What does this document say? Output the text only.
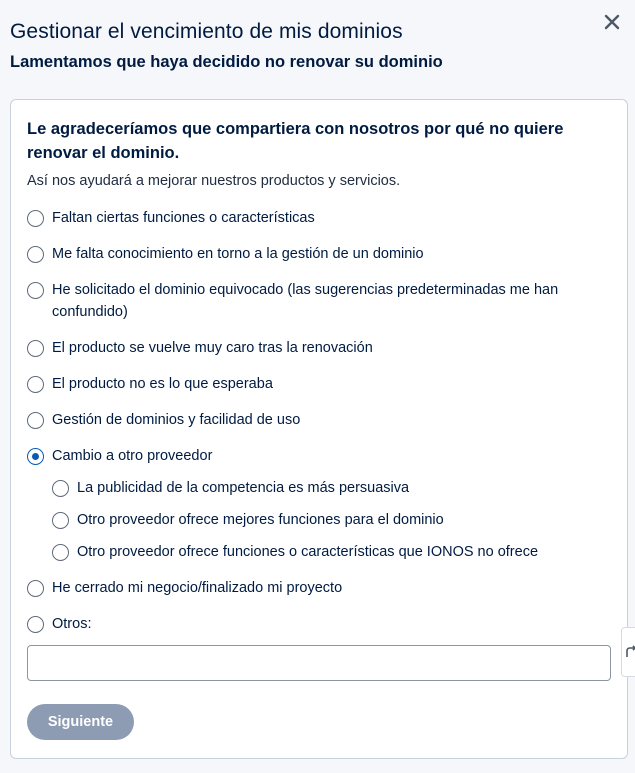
Gestionar el vencimiento de mis dominios
Lamentamos que haya decidido no renovar su dominio
Le agradeceríamos que compartiera con nosotros por qué no quiere renovar el dominio.
Así nos ayudará a mejorar nuestros productos y servicios.
Faltan ciertas funciones o características
Me falta conocimiento en torno a la gestión de un dominio
He solicitado el dominio equivocado (las sugerencias predeterminadas me han confundido)
El producto se vuelve muy caro tras la renovación
El producto no es lo que esperaba
Gestión de dominios y facilidad de uso
Cambio a otro proveedor
La publicidad de la competencia es más persuasiva
Otro proveedor ofrece mejores funciones para el dominio
Otro proveedor ofrece funciones o características que IONOS no ofrece
He cerrado mi negocio/finalizado mi proyecto
Otros:
Siguiente
